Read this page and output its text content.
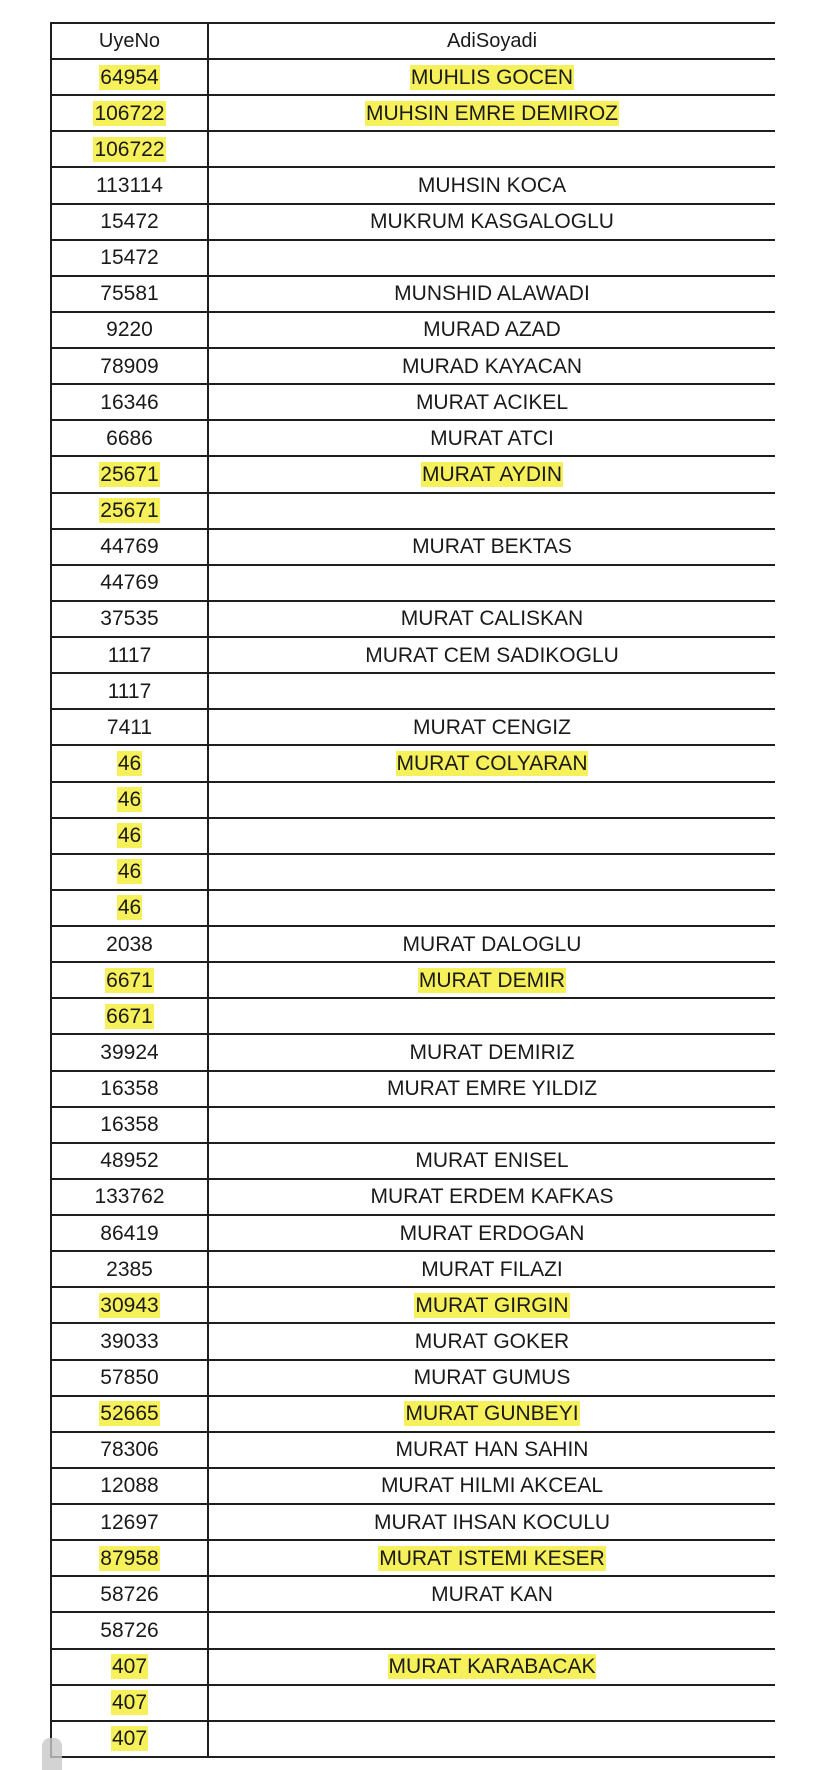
UyeNo	AdiSoyadi
64954	MUHLIS GOCEN
106722	MUHSIN EMRE DEMIROZ
106722	
113114	MUHSIN KOCA
15472	MUKRUM KASGALOGLU
15472	
75581	MUNSHID ALAWADI
9220	MURAD AZAD
78909	MURAD KAYACAN
16346	MURAT ACIKEL
6686	MURAT ATCI
25671	MURAT AYDIN
25671	
44769	MURAT BEKTAS
44769	
37535	MURAT CALISKAN
1117	MURAT CEM SADIKOGLU
1117	
7411	MURAT CENGIZ
46	MURAT COLYARAN
46	
46	
46	
46	
2038	MURAT DALOGLU
6671	MURAT DEMIR
6671	
39924	MURAT DEMIRIZ
16358	MURAT EMRE YILDIZ
16358	
48952	MURAT ENISEL
133762	MURAT ERDEM KAFKAS
86419	MURAT ERDOGAN
2385	MURAT FILAZI
30943	MURAT GIRGIN
39033	MURAT GOKER
57850	MURAT GUMUS
52665	MURAT GUNBEYI
78306	MURAT HAN SAHIN
12088	MURAT HILMI AKCEAL
12697	MURAT IHSAN KOCULU
87958	MURAT ISTEMI KESER
58726	MURAT KAN
58726	
407	MURAT KARABACAK
407	
407	
